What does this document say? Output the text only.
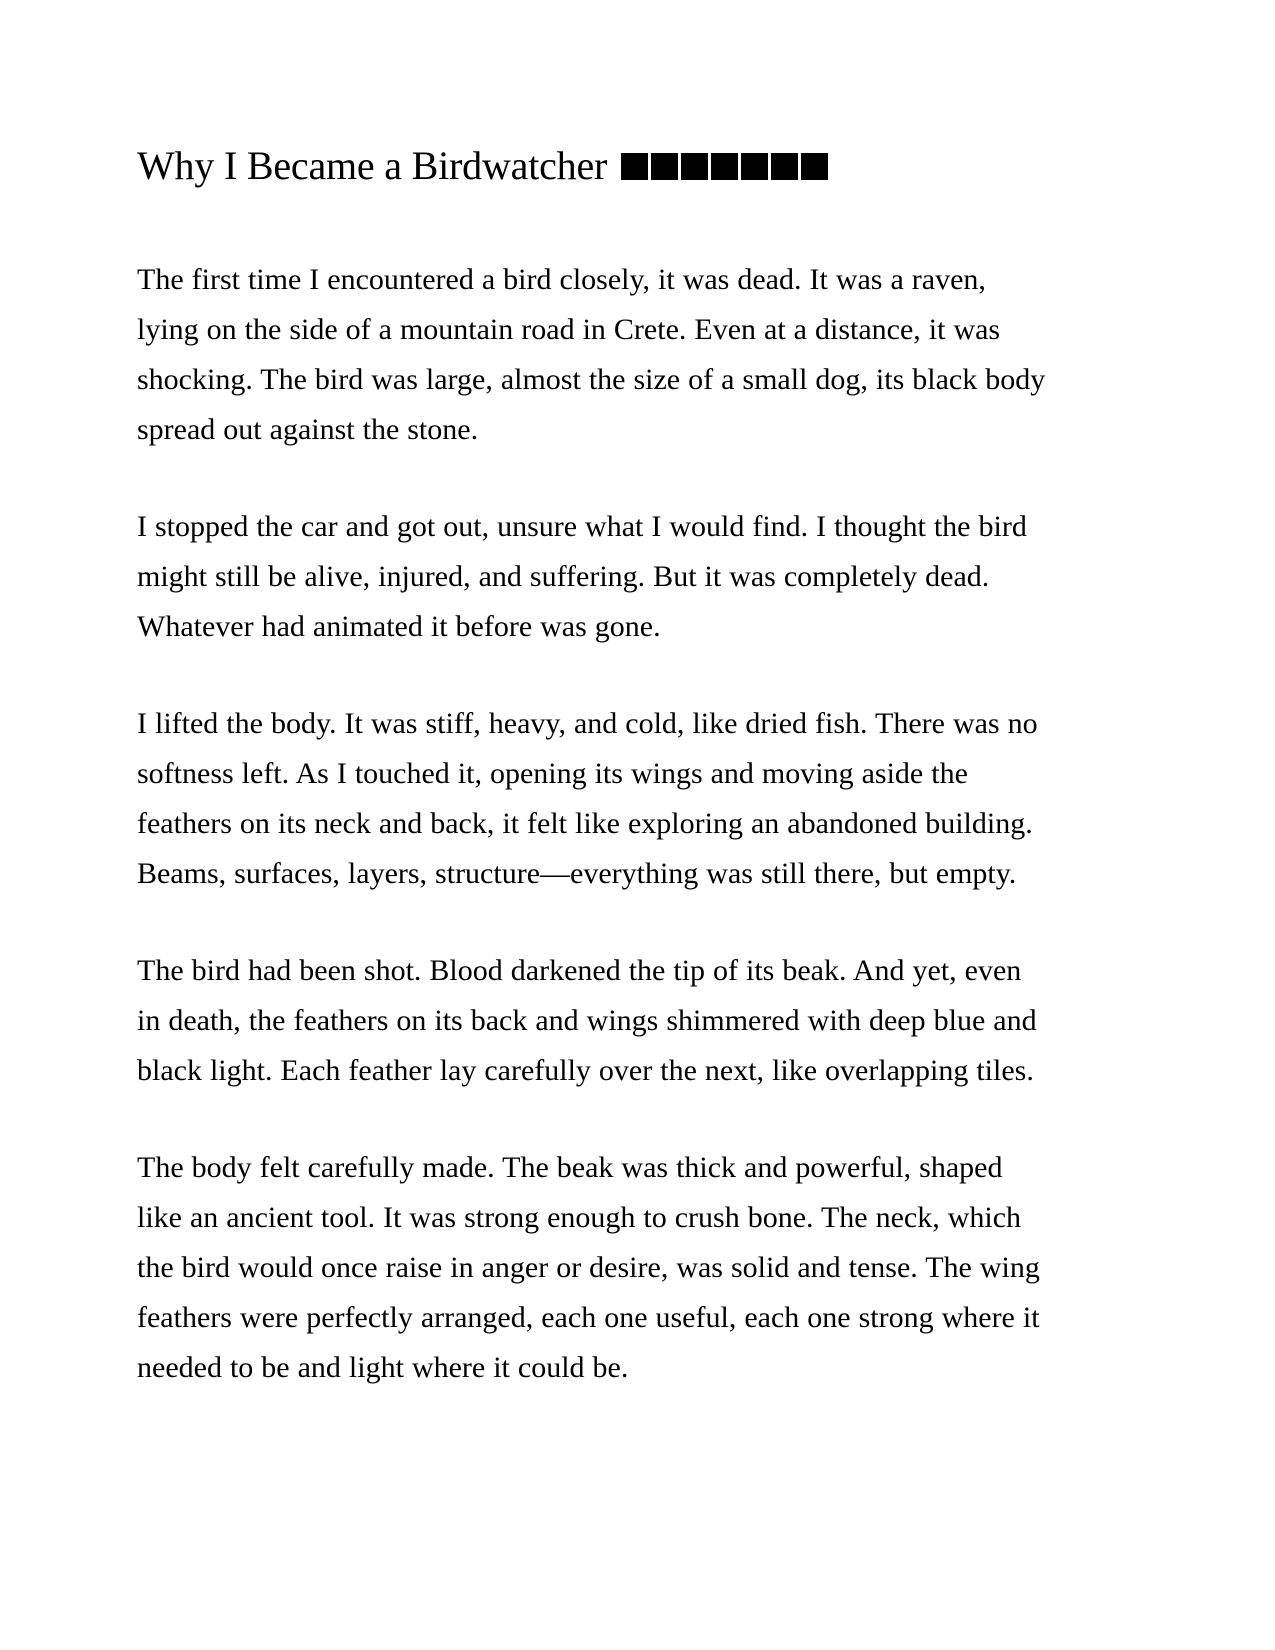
Why I Became a Birdwatcher

The first time I encountered a bird closely, it was dead. It was a raven,
lying on the side of a mountain road in Crete. Even at a distance, it was
shocking. The bird was large, almost the size of a small dog, its black body
spread out against the stone.

I stopped the car and got out, unsure what I would find. I thought the bird
might still be alive, injured, and suffering. But it was completely dead.
Whatever had animated it before was gone.

I lifted the body. It was stiff, heavy, and cold, like dried fish. There was no
softness left. As I touched it, opening its wings and moving aside the
feathers on its neck and back, it felt like exploring an abandoned building.
Beams, surfaces, layers, structure—everything was still there, but empty.

The bird had been shot. Blood darkened the tip of its beak. And yet, even
in death, the feathers on its back and wings shimmered with deep blue and
black light. Each feather lay carefully over the next, like overlapping tiles.

The body felt carefully made. The beak was thick and powerful, shaped
like an ancient tool. It was strong enough to crush bone. The neck, which
the bird would once raise in anger or desire, was solid and tense. The wing
feathers were perfectly arranged, each one useful, each one strong where it
needed to be and light where it could be.
